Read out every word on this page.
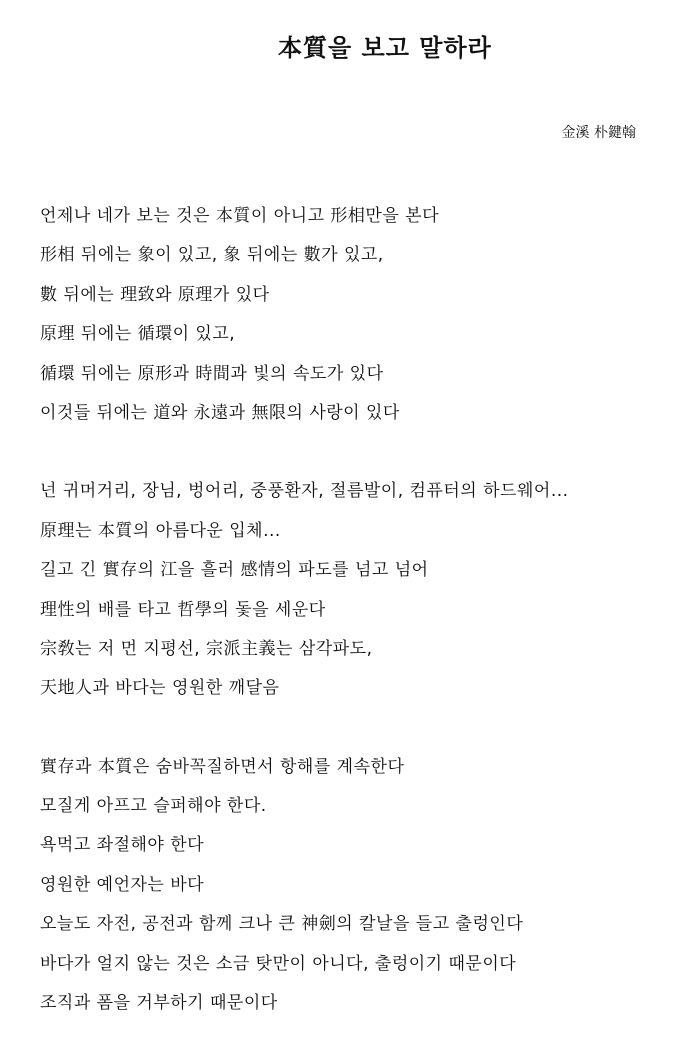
本質을 보고 말하라
金溪 朴鍵翰
언제나 네가 보는 것은 本質이 아니고 形相만을 본다
形相 뒤에는 象이 있고, 象 뒤에는 數가 있고,
數 뒤에는 理致와 原理가 있다
原理 뒤에는 循環이 있고,
循環 뒤에는 原形과 時間과 빛의 속도가 있다
이것들 뒤에는 道와 永遠과 無限의 사랑이 있다
넌 귀머거리, 장님, 벙어리, 중풍환자, 절름발이, 컴퓨터의 하드웨어...
原理는 本質의 아름다운 입체...
길고 긴 實存의 江을 흘러 感情의 파도를 넘고 넘어
理性의 배를 타고 哲學의 돛을 세운다
宗敎는 저 먼 지평선, 宗派主義는 삼각파도,
天地人과 바다는 영원한 깨달음
實存과 本質은 숨바꼭질하면서 항해를 계속한다
모질게 아프고 슬퍼해야 한다.
욕먹고 좌절해야 한다
영원한 예언자는 바다
오늘도 자전, 공전과 함께 크나 큰 神劍의 칼날을 들고 출렁인다
바다가 얼지 않는 것은 소금 탓만이 아니다, 출렁이기 때문이다
조직과 폼을 거부하기 때문이다
